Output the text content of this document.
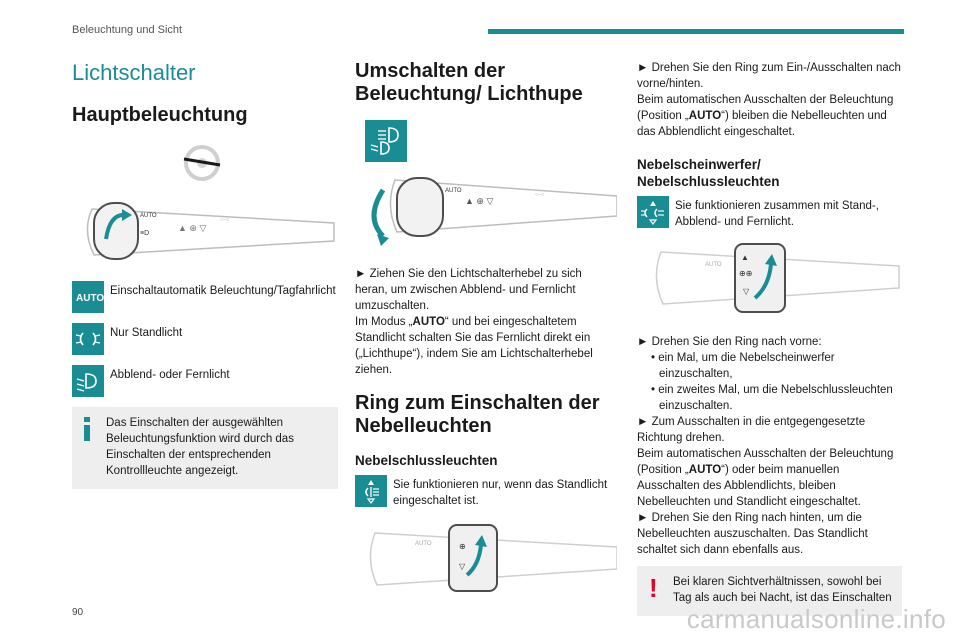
Beleuchtung und Sicht
Lichtschalter
Hauptbeleuchtung
AUTO
≡D
▲ ⊕ ▽
○-○
AUTO

Einschaltautomatik Beleuchtung/Tagfahrlicht

Nur Standlicht

Abblend- oder Fernlicht

Das Einschalten der ausgewählten Beleuchtungsfunktion wird durch das Einschalten der entsprechenden Kontrollleuchte angezeigt.

Umschalten der Beleuchtung/ Lichthupe
AUTO
▲ ⊕ ▽
○-○

► Ziehen Sie den Lichtschalterhebel zu sich heran, um zwischen Abblend- und Fernlicht umzuschalten.

Im Modus „AUTO“ und bei eingeschaltetem Standlicht schalten Sie das Fernlicht direkt ein („Lichthupe“), indem Sie am Lichtschalterhebel ziehen.

Ring zum Einschalten der Nebelleuchten
Nebelschlussleuchten

Sie funktionieren nur, wenn das Standlicht eingeschaltet ist.

AUTO	⊕
▽

► Drehen Sie den Ring zum Ein-/Ausschalten nach vorne/hinten.

Beim automatischen Ausschalten der Beleuchtung (Position „AUTO“) bleiben die Nebelleuchten und das Abblendlicht eingeschaltet.

Nebelscheinwerfer/ Nebelschlussleuchten

Sie funktionieren zusammen mit Stand-, Abblend- und Fernlicht.

AUTO
▲
⊕⊕
▽

► Drehen Sie den Ring nach vorne:

• ein Mal, um die Nebelscheinwerfer einzuschalten,

• ein zweites Mal, um die Nebelschlussleuchten einzuschalten.

► Zum Ausschalten in die entgegengesetzte Richtung drehen.

Beim automatischen Ausschalten der Beleuchtung (Position „AUTO“) oder beim manuellen Ausschalten des Abblendlichts, bleiben Nebelleuchten und Standlicht eingeschaltet.

► Drehen Sie den Ring nach hinten, um die Nebelleuchten auszuschalten. Das Standlicht schaltet sich dann ebenfalls aus.

! Bei klaren Sichtverhältnissen, sowohl bei Tag als auch bei Nacht, ist das Einschalten

90	carmanualsonline.info
